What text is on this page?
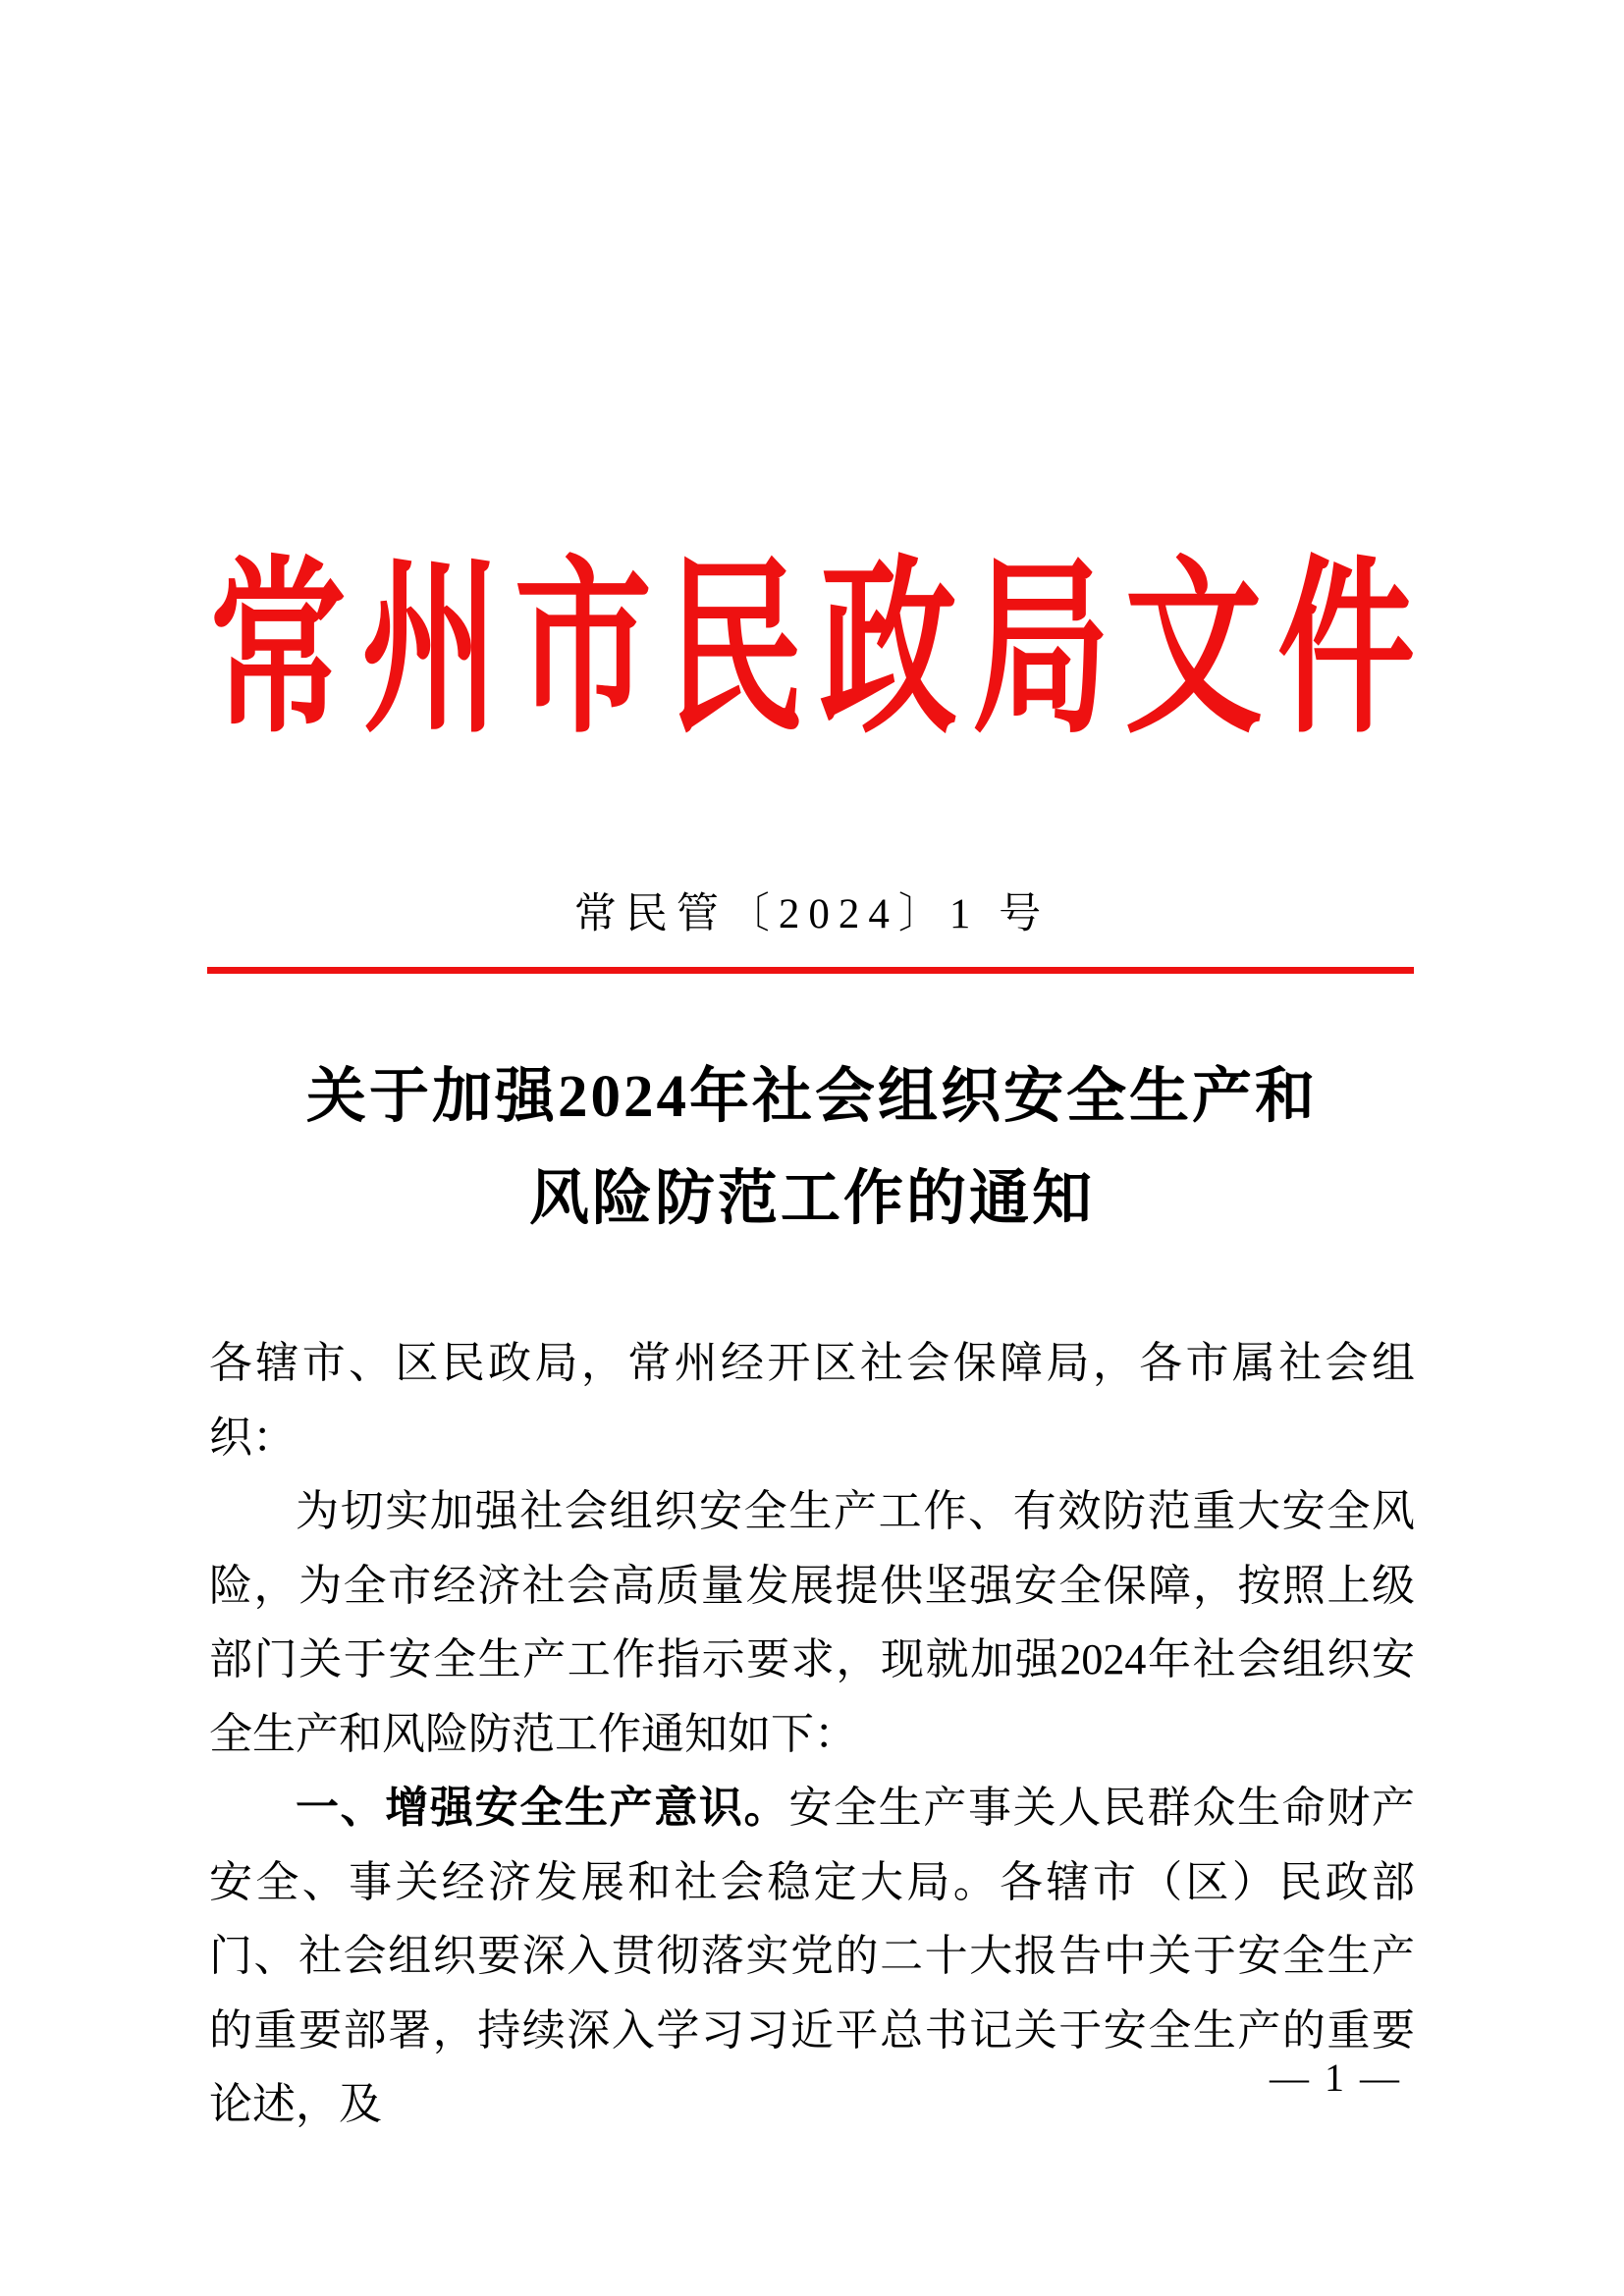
常州市民政局文件
常民管〔2024〕1 号
关于加强2024年社会组织安全生产和
风险防范工作的通知

各辖市、区民政局，常州经开区社会保障局，各市属社会组织：

为切实加强社会组织安全生产工作、有效防范重大安全风险，为全市经济社会高质量发展提供坚强安全保障，按照上级部门关于安全生产工作指示要求，现就加强2024年社会组织安全生产和风险防范工作通知如下：

一、增强安全生产意识。安全生产事关人民群众生命财产安全、事关经济发展和社会稳定大局。各辖市（区）民政部门、社会组织要深入贯彻落实党的二十大报告中关于安全生产的重要部署，持续深入学习习近平总书记关于安全生产的重要论述，及

— 1 —
